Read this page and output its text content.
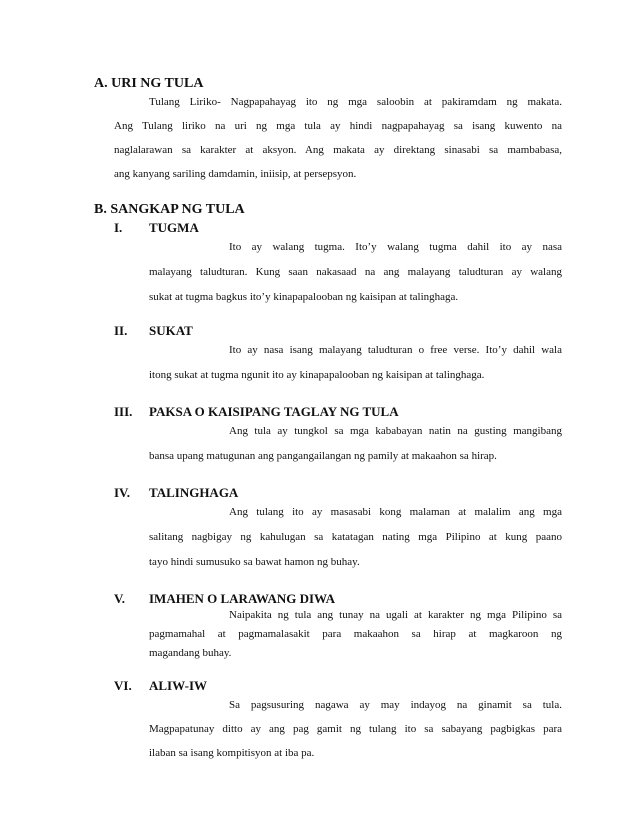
A. URI NG TULA
Tulang Liriko- Nagpapahayag ito ng mga saloobin at pakiramdam ng makata.
Ang Tulang liriko na uri ng mga tula ay hindi nagpapahayag sa isang kuwento na
naglalarawan sa karakter at aksyon. Ang makata ay direktang sinasabi sa mambabasa,
ang kanyang sariling damdamin, iniisip, at persepsyon.
B. SANGKAP NG TULA
I. TUGMA
Ito ay walang tugma. Ito’y walang tugma dahil ito ay nasa
malayang taludturan. Kung saan nakasaad na ang malayang taludturan ay walang
sukat at tugma bagkus ito’y kinapapalooban ng kaisipan at talinghaga.
II. SUKAT
Ito ay nasa isang malayang taludturan o free verse. Ito’y dahil wala
itong sukat at tugma ngunit ito ay kinapapalooban ng kaisipan at talinghaga.
III. PAKSA O KAISIPANG TAGLAY NG TULA
Ang tula ay tungkol sa mga kababayan natin na gusting mangibang
bansa upang matugunan ang pangangailangan ng pamily at makaahon sa hirap.
IV. TALINGHAGA
Ang tulang ito ay masasabi kong malaman at malalim ang mga
salitang nagbigay ng kahulugan sa katatagan nating mga Pilipino at kung paano
tayo hindi sumusuko sa bawat hamon ng buhay.
V. IMAHEN O LARAWANG DIWA
Naipakita ng tula ang tunay na ugali at karakter ng mga Pilipino sa
pagmamahal at pagmamalasakit para makaahon sa hirap at magkaroon ng
magandang buhay.
VI. ALIW-IW
Sa pagsusuring nagawa ay may indayog na ginamit sa tula.
Magpapatunay ditto ay ang pag gamit ng tulang ito sa sabayang pagbigkas para
ilaban sa isang kompitisyon at iba pa.
